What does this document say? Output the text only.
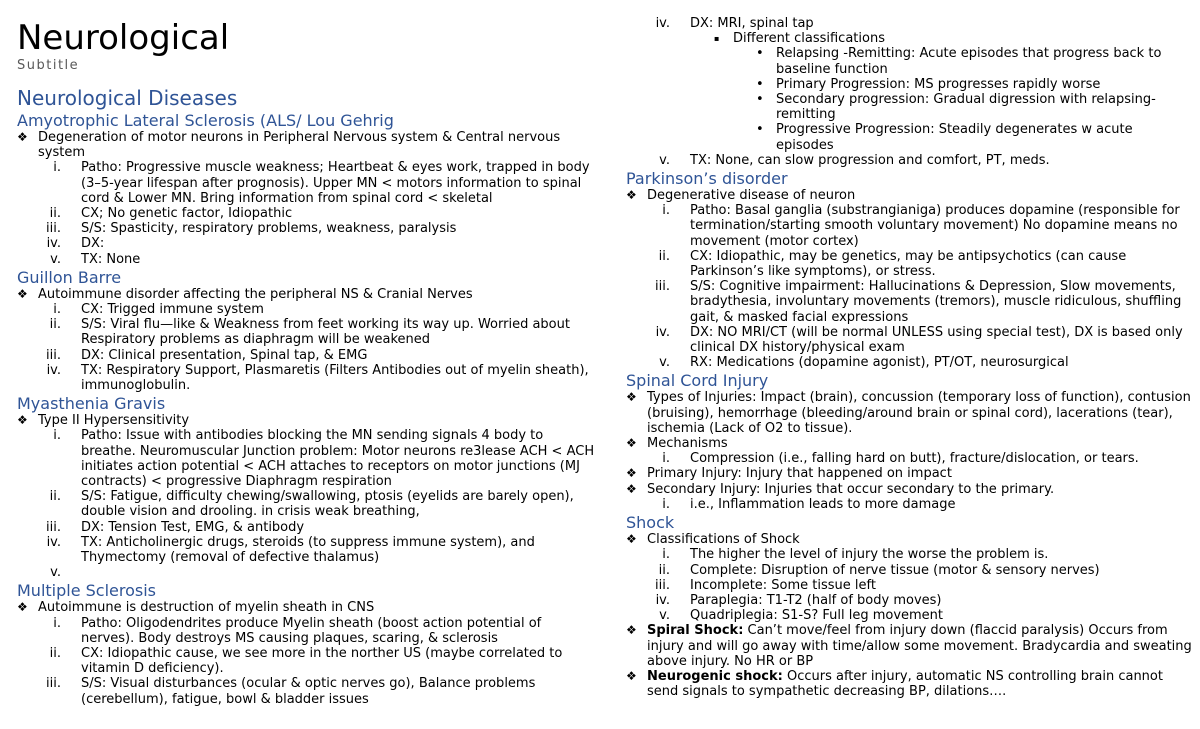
Neurological
Subtitle
Neurological Diseases
Amyotrophic Lateral Sclerosis (ALS/ Lou Gehrig
❖ Degeneration of motor neurons in Peripheral Nervous system & Central nervous system
i. Patho: Progressive muscle weakness; Heartbeat & eyes work, trapped in body (3–5-year lifespan after prognosis). Upper MN < motors information to spinal cord & Lower MN. Bring information from spinal cord < skeletal
ii. CX; No genetic factor, Idiopathic
iii. S/S: Spasticity, respiratory problems, weakness, paralysis
iv. DX:
v. TX: None
Guillon Barre
❖ Autoimmune disorder affecting the peripheral NS & Cranial Nerves
i. CX: Trigged immune system
ii. S/S: Viral flu—like & Weakness from feet working its way up. Worried about Respiratory problems as diaphragm will be weakened
iii. DX: Clinical presentation, Spinal tap, & EMG
iv. TX: Respiratory Support, Plasmaretis (Filters Antibodies out of myelin sheath), immunoglobulin.
Myasthenia Gravis
❖ Type II Hypersensitivity
i. Patho: Issue with antibodies blocking the MN sending signals 4 body to breathe. Neuromuscular Junction problem: Motor neurons re3lease ACH < ACH initiates action potential < ACH attaches to receptors on motor junctions (MJ contracts) < progressive Diaphragm respiration
ii. S/S: Fatigue, difficulty chewing/swallowing, ptosis (eyelids are barely open), double vision and drooling. in crisis weak breathing,
iii. DX: Tension Test, EMG, & antibody
iv. TX: Anticholinergic drugs, steroids (to suppress immune system), and Thymectomy (removal of defective thalamus)
v.
Multiple Sclerosis
❖ Autoimmune is destruction of myelin sheath in CNS
i. Patho: Oligodendrites produce Myelin sheath (boost action potential of nerves). Body destroys MS causing plaques, scaring, & sclerosis
ii. CX: Idiopathic cause, we see more in the norther US (maybe correlated to vitamin D deficiency).
iii. S/S: Visual disturbances (ocular & optic nerves go), Balance problems (cerebellum), fatigue, bowl & bladder issues
iv. DX: MRI, spinal tap
▪ Different classifications
• Relapsing -Remitting: Acute episodes that progress back to baseline function
• Primary Progression: MS progresses rapidly worse
• Secondary progression: Gradual digression with relapsing-remitting
• Progressive Progression: Steadily degenerates w acute episodes
v. TX: None, can slow progression and comfort, PT, meds.
Parkinson’s disorder
❖ Degenerative disease of neuron
i. Patho: Basal ganglia (substrangianiga) produces dopamine (responsible for termination/starting smooth voluntary movement) No dopamine means no movement (motor cortex)
ii. CX: Idiopathic, may be genetics, may be antipsychotics (can cause Parkinson’s like symptoms), or stress.
iii. S/S: Cognitive impairment: Hallucinations & Depression, Slow movements, bradythesia, involuntary movements (tremors), muscle ridiculous, shuffling gait, & masked facial expressions
iv. DX: NO MRI/CT (will be normal UNLESS using special test), DX is based only clinical DX history/physical exam
v. RX: Medications (dopamine agonist), PT/OT, neurosurgical
Spinal Cord Injury
❖ Types of Injuries: Impact (brain), concussion (temporary loss of function), contusion (bruising), hemorrhage (bleeding/around brain or spinal cord), lacerations (tear), ischemia (Lack of O2 to tissue).
❖ Mechanisms
i. Compression (i.e., falling hard on butt), fracture/dislocation, or tears.
❖ Primary Injury: Injury that happened on impact
❖ Secondary Injury: Injuries that occur secondary to the primary.
i. i.e., Inflammation leads to more damage
Shock
❖ Classifications of Shock
i. The higher the level of injury the worse the problem is.
ii. Complete: Disruption of nerve tissue (motor & sensory nerves)
iii. Incomplete: Some tissue left
iv. Paraplegia: T1-T2 (half of body moves)
v. Quadriplegia: S1-S? Full leg movement
❖ Spiral Shock: Can’t move/feel from injury down (flaccid paralysis) Occurs from injury and will go away with time/allow some movement. Bradycardia and sweating above injury. No HR or BP
❖ Neurogenic shock: Occurs after injury, automatic NS controlling brain cannot send signals to sympathetic decreasing BP, dilations….
